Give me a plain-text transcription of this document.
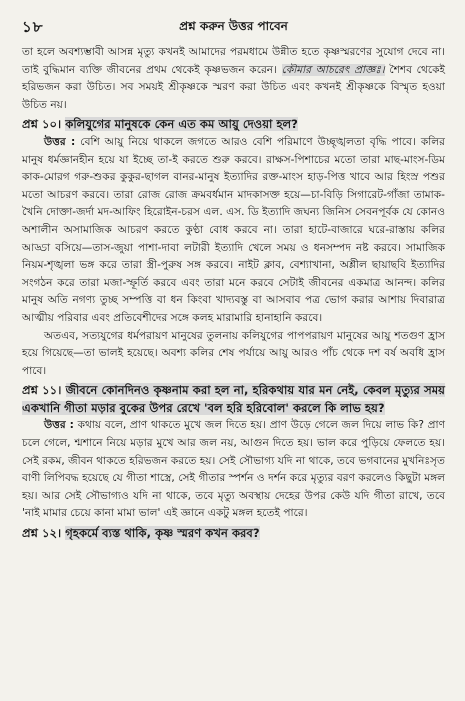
১৮	প্রশ্ন করুন উত্তর পাবেন

তা হলে অবশ্যম্ভাবী আসন্ন মৃত্যু কখনই আমাদের পরমধামে উন্নীত হতে কৃষ্ণস্মরণের সুযোগ দেবে না। তাই বুদ্ধিমান ব্যক্তি জীবনের প্রথম থেকেই কৃষ্ণভজন করেন। কৌমার আচরেৎ প্রাজ্ঞঃ। শৈশব থেকেই হরিভজন করা উচিত। সব সময়ই শ্রীকৃষ্ণকে স্মরণ করা উচিত এবং কখনই শ্রীকৃষ্ণকে বিস্মৃত হওয়া উচিত নয়।

প্রশ্ন ১০। কলিযুগের মানুষকে কেন এত কম আয়ু দেওয়া হল?

উত্তর : বেশি আয়ু নিয়ে থাকলে জগতে আরও বেশি পরিমাণে উচ্ছৃঙ্খলতা বৃদ্ধি পাবে। কলির মানুষ ধর্মজ্ঞানহীন হয়ে যা ইচ্ছে তা-ই করতে শুরু করবে। রাক্ষস-পিশাচের মতো তারা মাছ-মাংস-ডিম কাক-মোরগ গরু-শুকর কুকুর-ছাগল বানর-মানুষ ইত্যাদির রক্ত-মাংস হাড়-পিত্ত খাবে আর হিংস্র পশুর মতো আচরণ করবে। তারা রোজ রোজ ক্রমবর্ধমান মাদকাসক্ত হয়ে—চা-বিড়ি সিগারেট-গাঁজা তামাক-খৈনি দোক্তা-জর্দা মদ-আফিং হিরোইন-চরস এল. এস. ডি ইত্যাদি জঘন্য জিনিস সেবনপূর্বক যে কোনও অশালীন অসামাজিক আচরণ করতে কুণ্ঠা বোধ করবে না। তারা হাটে-বাজারে ঘরে-রাস্তায় কলির আড্ডা বসিয়ে—তাস-জুয়া পাশা-দাবা লটারী ইত্যাদি খেলে সময় ও ধনসম্পদ নষ্ট করবে। সামাজিক নিয়ম-শৃঙ্খলা ভঙ্গ করে তারা স্ত্রী-পুরুষ সঙ্গ করবে। নাইট ক্লাব, বেশ্যাখানা, অশ্লীল ছায়াছবি ইত্যাদির সংগঠন করে তারা মজা-স্ফূর্তি করবে এবং তারা মনে করবে সেটাই জীবনের একমাত্র আনন্দ। কলির মানুষ অতি নগণ্য তুচ্ছ সম্পত্তি বা ধন কিংবা খাদ্যবস্তু বা আসবাব পত্র ভোগ করার আশায় দিবারাত্র আত্মীয় পরিবার এবং প্রতিবেশীদের সঙ্গে কলহ মারামারি হানাহানি করবে।

অতএব, সত্যযুগের ধর্মপরায়ণ মানুষের তুলনায় কলিযুগের পাপপরায়ণ মানুষের আয়ু শতগুণ হ্রাস হয়ে গিয়েছে—তা ভালই হয়েছে। অবশ্য কলির শেষ পর্যায়ে আয়ু আরও পাঁচ থেকে দশ বর্ষ অবধি হ্রাস পাবে।

প্রশ্ন ১১। জীবনে কোনদিনও কৃষ্ণনাম করা হল না, হরিকথায় যার মন নেই, কেবল মৃত্যুর সময় একখানি গীতা মড়ার বুকের উপর রেখে 'বল হরি হরিবোল' করলে কি লাভ হয়?

উত্তর : কথায় বলে, প্রাণ থাকতে মুখে জল দিতে হয়। প্রাণ উড়ে গেলে জল দিয়ে লাভ কি? প্রাণ চলে গেলে, শ্মশানে নিয়ে মড়ার মুখে আর জল নয়, আগুন দিতে হয়। ভাল করে পুড়িয়ে ফেলতে হয়। সেই রকম, জীবন থাকতে হরিভজন করতে হয়। সেই সৌভাগ্য যদি না থাকে, তবে ভগবানের মুখনিঃসৃত বাণী লিপিবদ্ধ হয়েছে যে গীতা শাস্ত্রে, সেই গীতার স্পর্শন ও দর্শন করে মৃত্যুর বরণ করলেও কিছুটা মঙ্গল হয়। আর সেই সৌভাগ্যও যদি না থাকে, তবে মৃত্যু অবস্থায় দেহের উপর কেউ যদি গীতা রাখে, তবে 'নাই মামার চেয়ে কানা মামা ভাল' এই জ্ঞানে একটু মঙ্গল হতেই পারে।

প্রশ্ন ১২। গৃহকর্মে ব্যস্ত থাকি, কৃষ্ণ স্মরণ কখন করব?
